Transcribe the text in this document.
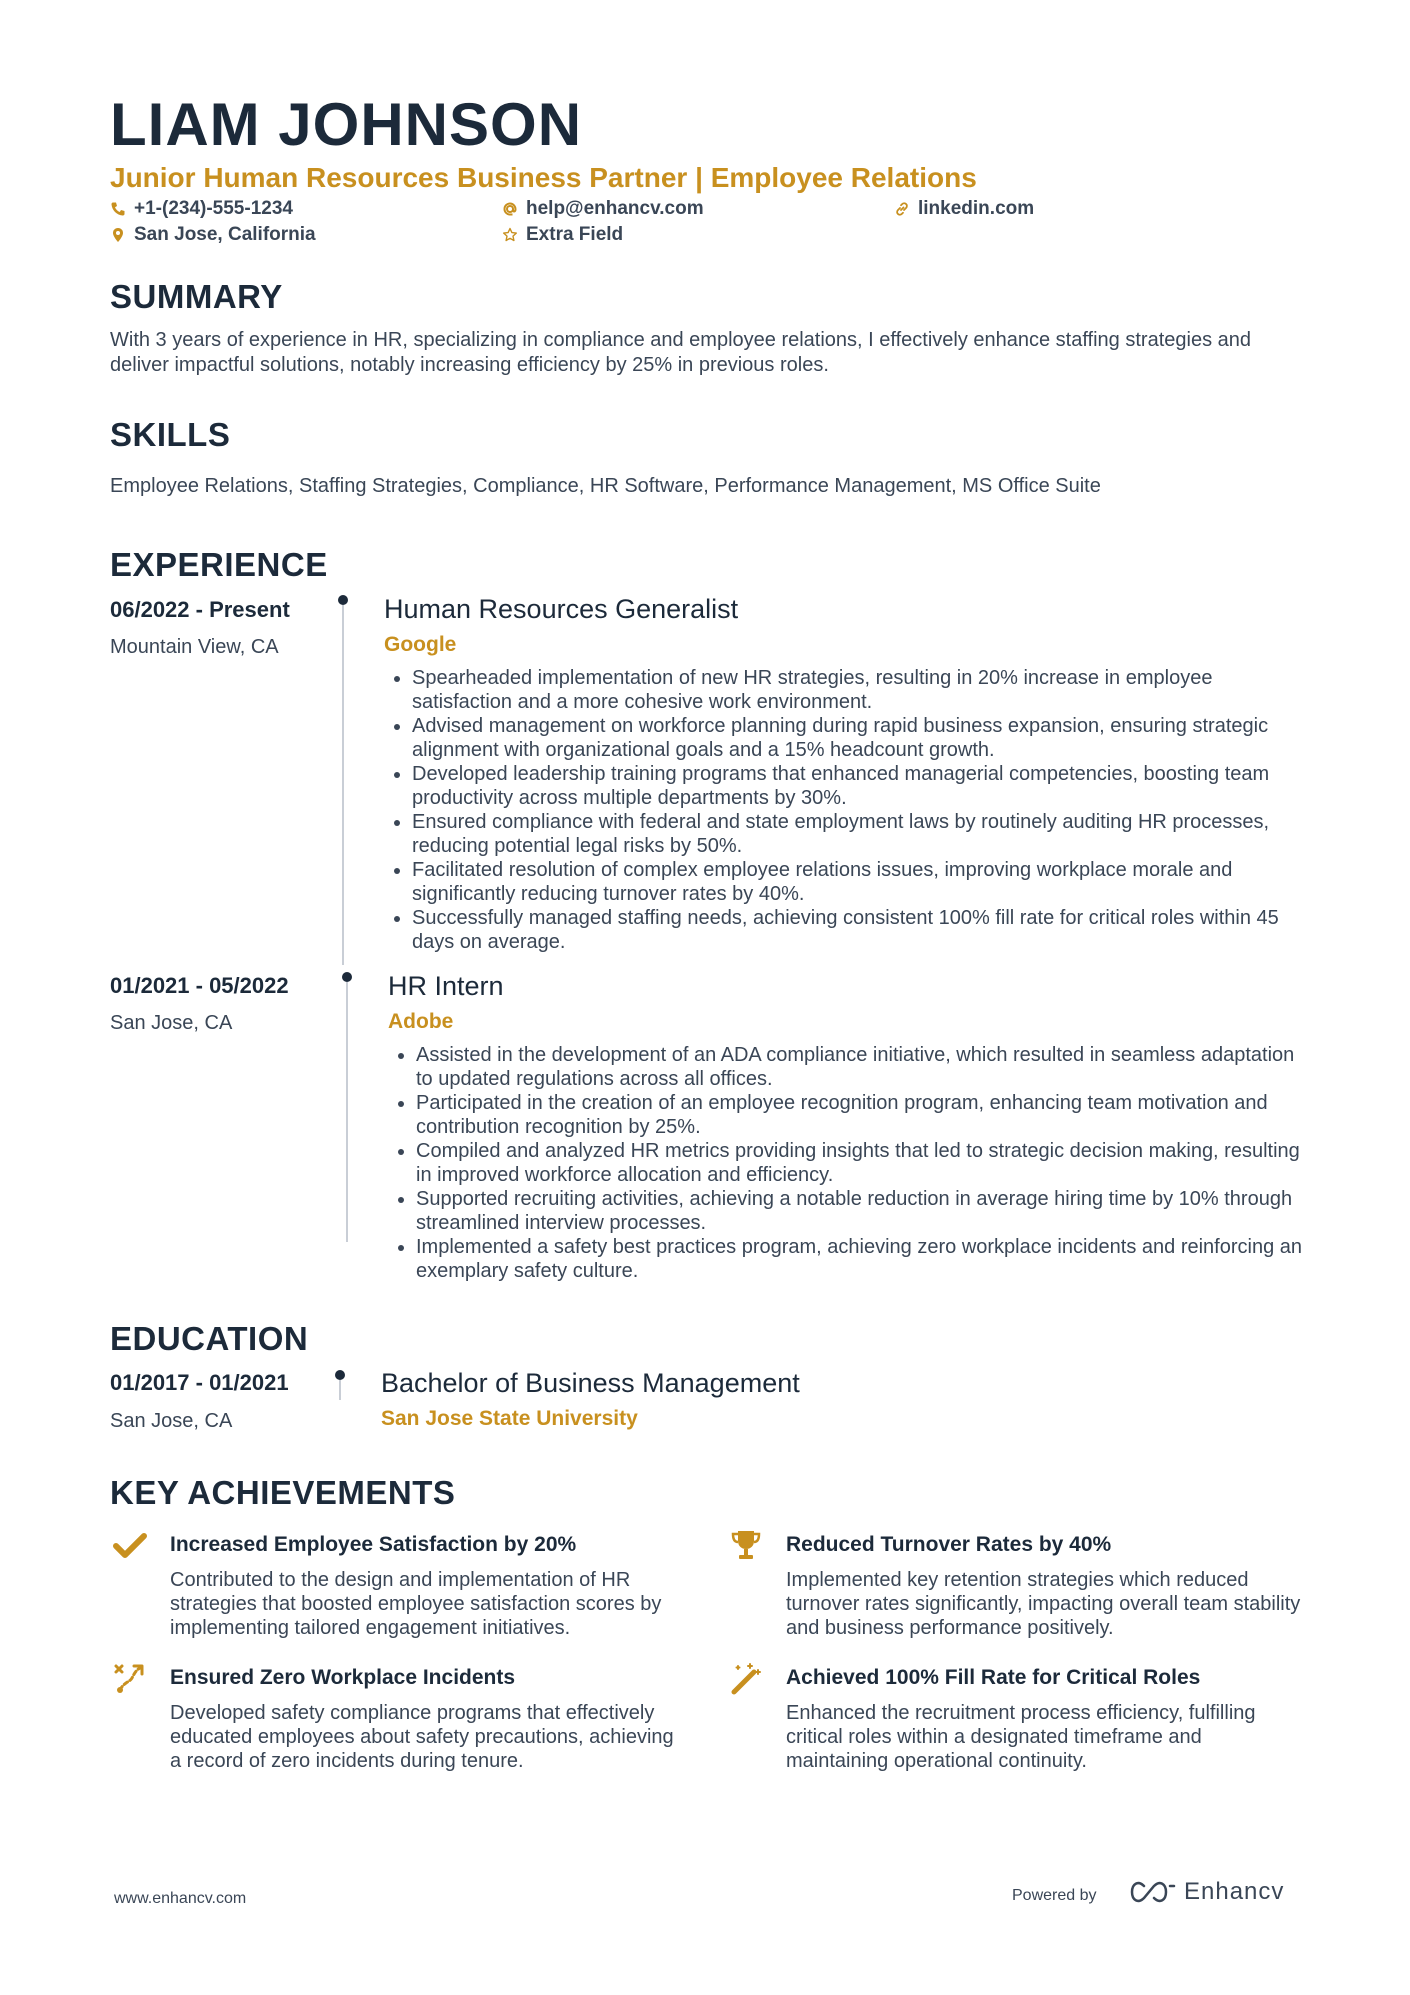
LIAM JOHNSON
Junior Human Resources Business Partner | Employee Relations
+1-(234)-555-1234	help@enhancv.com	linkedin.com
San Jose, California	Extra Field
SUMMARY

With 3 years of experience in HR, specializing in compliance and employee relations, I effectively enhance staffing strategies and deliver impactful solutions, notably increasing efficiency by 25% in previous roles.

SKILLS

Employee Relations, Staffing Strategies, Compliance, HR Software, Performance Management, MS Office Suite

EXPERIENCE
06/2022 - Present
Mountain View, CA
Human Resources Generalist
Google
• Spearheaded implementation of new HR strategies, resulting in 20% increase in employee satisfaction and a more cohesive work environment.
• Advised management on workforce planning during rapid business expansion, ensuring strategic alignment with organizational goals and a 15% headcount growth.
• Developed leadership training programs that enhanced managerial competencies, boosting team productivity across multiple departments by 30%.
• Ensured compliance with federal and state employment laws by routinely auditing HR processes, reducing potential legal risks by 50%.
• Facilitated resolution of complex employee relations issues, improving workplace morale and significantly reducing turnover rates by 40%.
• Successfully managed staffing needs, achieving consistent 100% fill rate for critical roles within 45 days on average.
01/2021 - 05/2022
San Jose, CA
HR Intern
Adobe
• Assisted in the development of an ADA compliance initiative, which resulted in seamless adaptation to updated regulations across all offices.
• Participated in the creation of an employee recognition program, enhancing team motivation and contribution recognition by 25%.
• Compiled and analyzed HR metrics providing insights that led to strategic decision making, resulting in improved workforce allocation and efficiency.
• Supported recruiting activities, achieving a notable reduction in average hiring time by 10% through streamlined interview processes.
• Implemented a safety best practices program, achieving zero workplace incidents and reinforcing an exemplary safety culture.
EDUCATION
01/2017 - 01/2021
San Jose, CA
Bachelor of Business Management
San Jose State University
KEY ACHIEVEMENTS
Increased Employee Satisfaction by 20%

Contributed to the design and implementation of HR strategies that boosted employee satisfaction scores by implementing tailored engagement initiatives.

Reduced Turnover Rates by 40%

Implemented key retention strategies which reduced turnover rates significantly, impacting overall team stability and business performance positively.

Ensured Zero Workplace Incidents

Developed safety compliance programs that effectively educated employees about safety precautions, achieving a record of zero incidents during tenure.

Achieved 100% Fill Rate for Critical Roles

Enhanced the recruitment process efficiency, fulfilling critical roles within a designated timeframe and maintaining operational continuity.

www.enhancv.com	Powered by	Enhancv
